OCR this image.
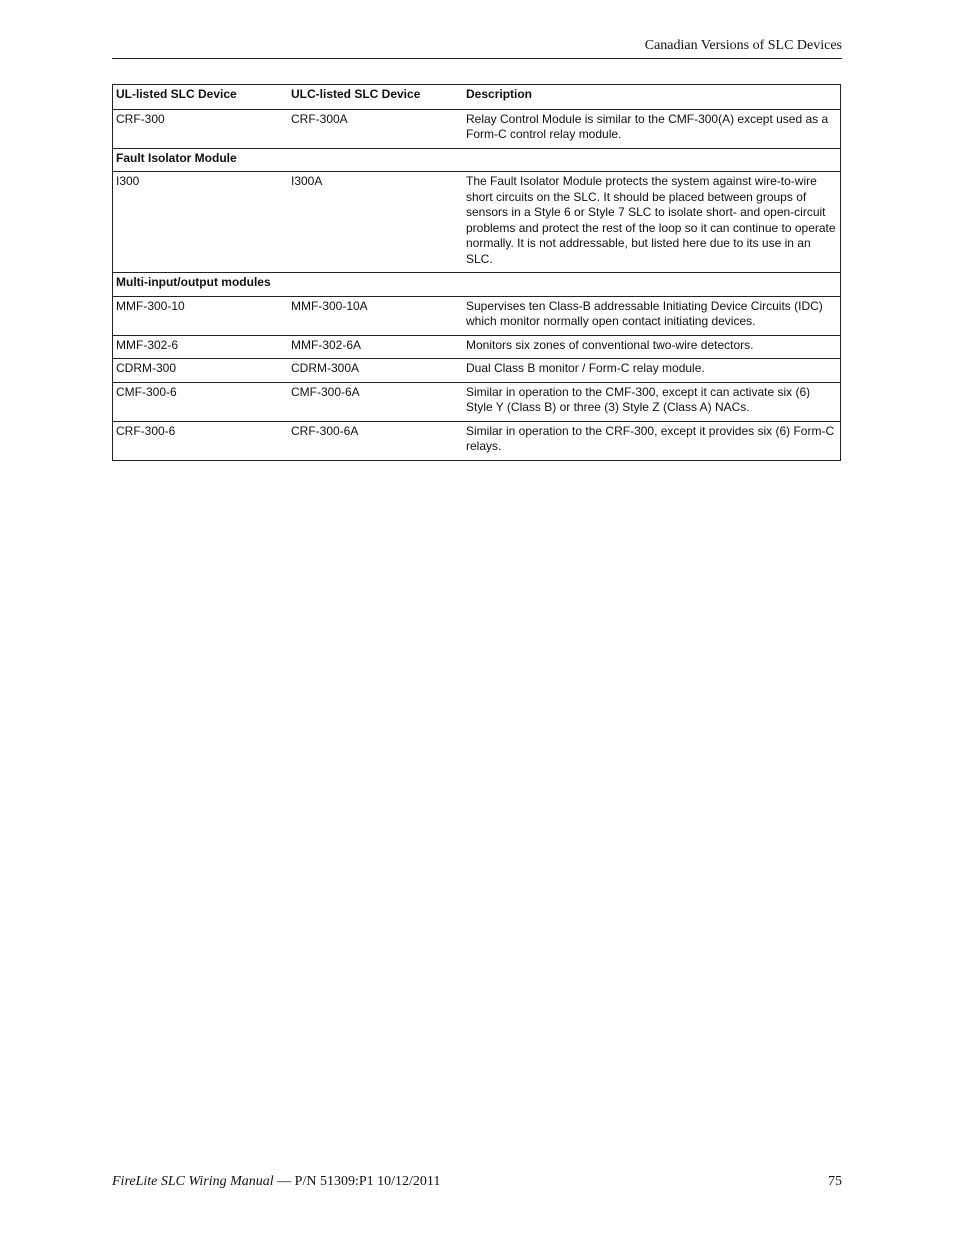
Canadian Versions of SLC Devices
UL-listed SLC Device	ULC-listed SLC Device	Description
CRF-300	CRF-300A	Relay Control Module is similar to the CMF-300(A) except used as a Form-C control relay module.
Fault Isolator Module		
I300	I300A	The Fault Isolator Module protects the system against wire-to-wire short circuits on the SLC. It should be placed between groups of sensors in a Style 6 or Style 7 SLC to isolate short- and open-circuit problems and protect the rest of the loop so it can continue to operate normally. It is not addressable, but listed here due to its use in an SLC.
Multi-input/output modules		
MMF-300-10	MMF-300-10A	Supervises ten Class-B addressable Initiating Device Circuits (IDC) which monitor normally open contact initiating devices.
MMF-302-6	MMF-302-6A	Monitors six zones of conventional two-wire detectors.
CDRM-300	CDRM-300A	Dual Class B monitor / Form-C relay module.
CMF-300-6	CMF-300-6A	Similar in operation to the CMF-300, except it can activate six (6) Style Y (Class B) or three (3) Style Z (Class A) NACs.
CRF-300-6	CRF-300-6A	Similar in operation to the CRF-300, except it provides six (6) Form-C relays.
FireLite SLC Wiring Manual — P/N 51309:P1 10/12/2011	75
